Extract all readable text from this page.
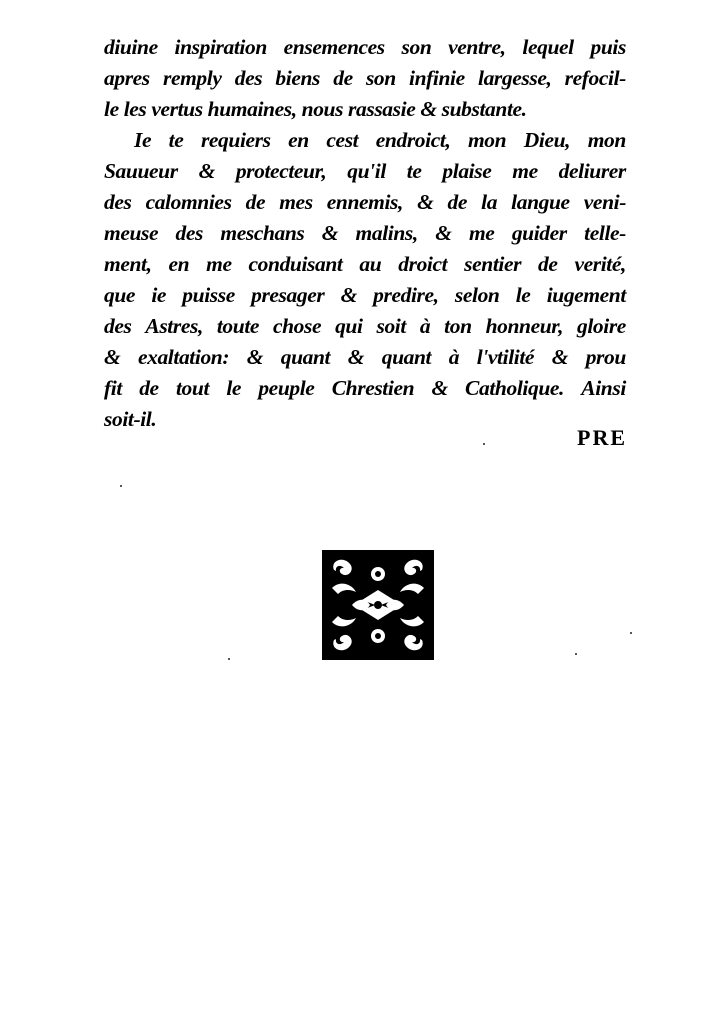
diuine inspiration ensemences son ventre, lequel puis
apres remply des biens de son infinie largesse, refocil-
le les vertus humaines, nous rassasie & substante.
Ie te requiers en cest endroict, mon Dieu, mon
Sauueur & protecteur, qu'il te plaise me deliurer
des calomnies de mes ennemis, & de la langue veni-
meuse des meschans & malins, & me guider telle-
ment, en me conduisant au droict sentier de verité,
que ie puisse presager & predire, selon le iugement
des Astres, toute chose qui soit à ton honneur, gloire
& exaltation: & quant & quant à l'vtilité & prou
fit de tout le peuple Chrestien & Catholique. Ainsi
soit-il.
PRE
